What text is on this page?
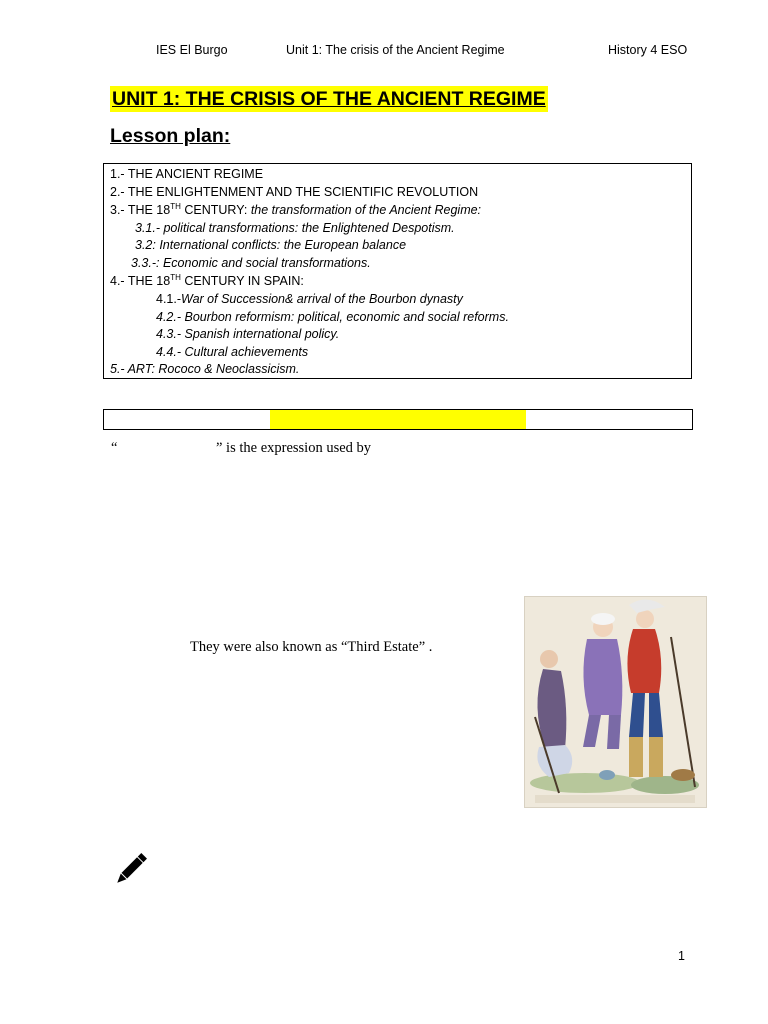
IES El Burgo	Unit 1: The crisis of the Ancient Regime	History 4 ESO
UNIT 1: THE CRISIS OF THE ANCIENT REGIME
Lesson plan:
1.- THE ANCIENT REGIME
2.- THE ENLIGHTENMENT AND THE SCIENTIFIC REVOLUTION
3.- THE 18TH CENTURY: the transformation of the Ancient Regime:
3.1.- political transformations: the Enlightened Despotism.
3.2: International conflicts: the European balance
3.3.-: Economic and social transformations.
4.- THE 18TH CENTURY IN SPAIN:
4.1.-War of Succession& arrival of the Bourbon dynasty
4.2.- Bourbon reformism: political, economic and social reforms.
4.3.- Spanish international policy.
4.4.- Cultural achievements
5.- ART: Rococo & Neoclassicism.
“	” is the expression used by
They were also known as “Third Estate” .
1
